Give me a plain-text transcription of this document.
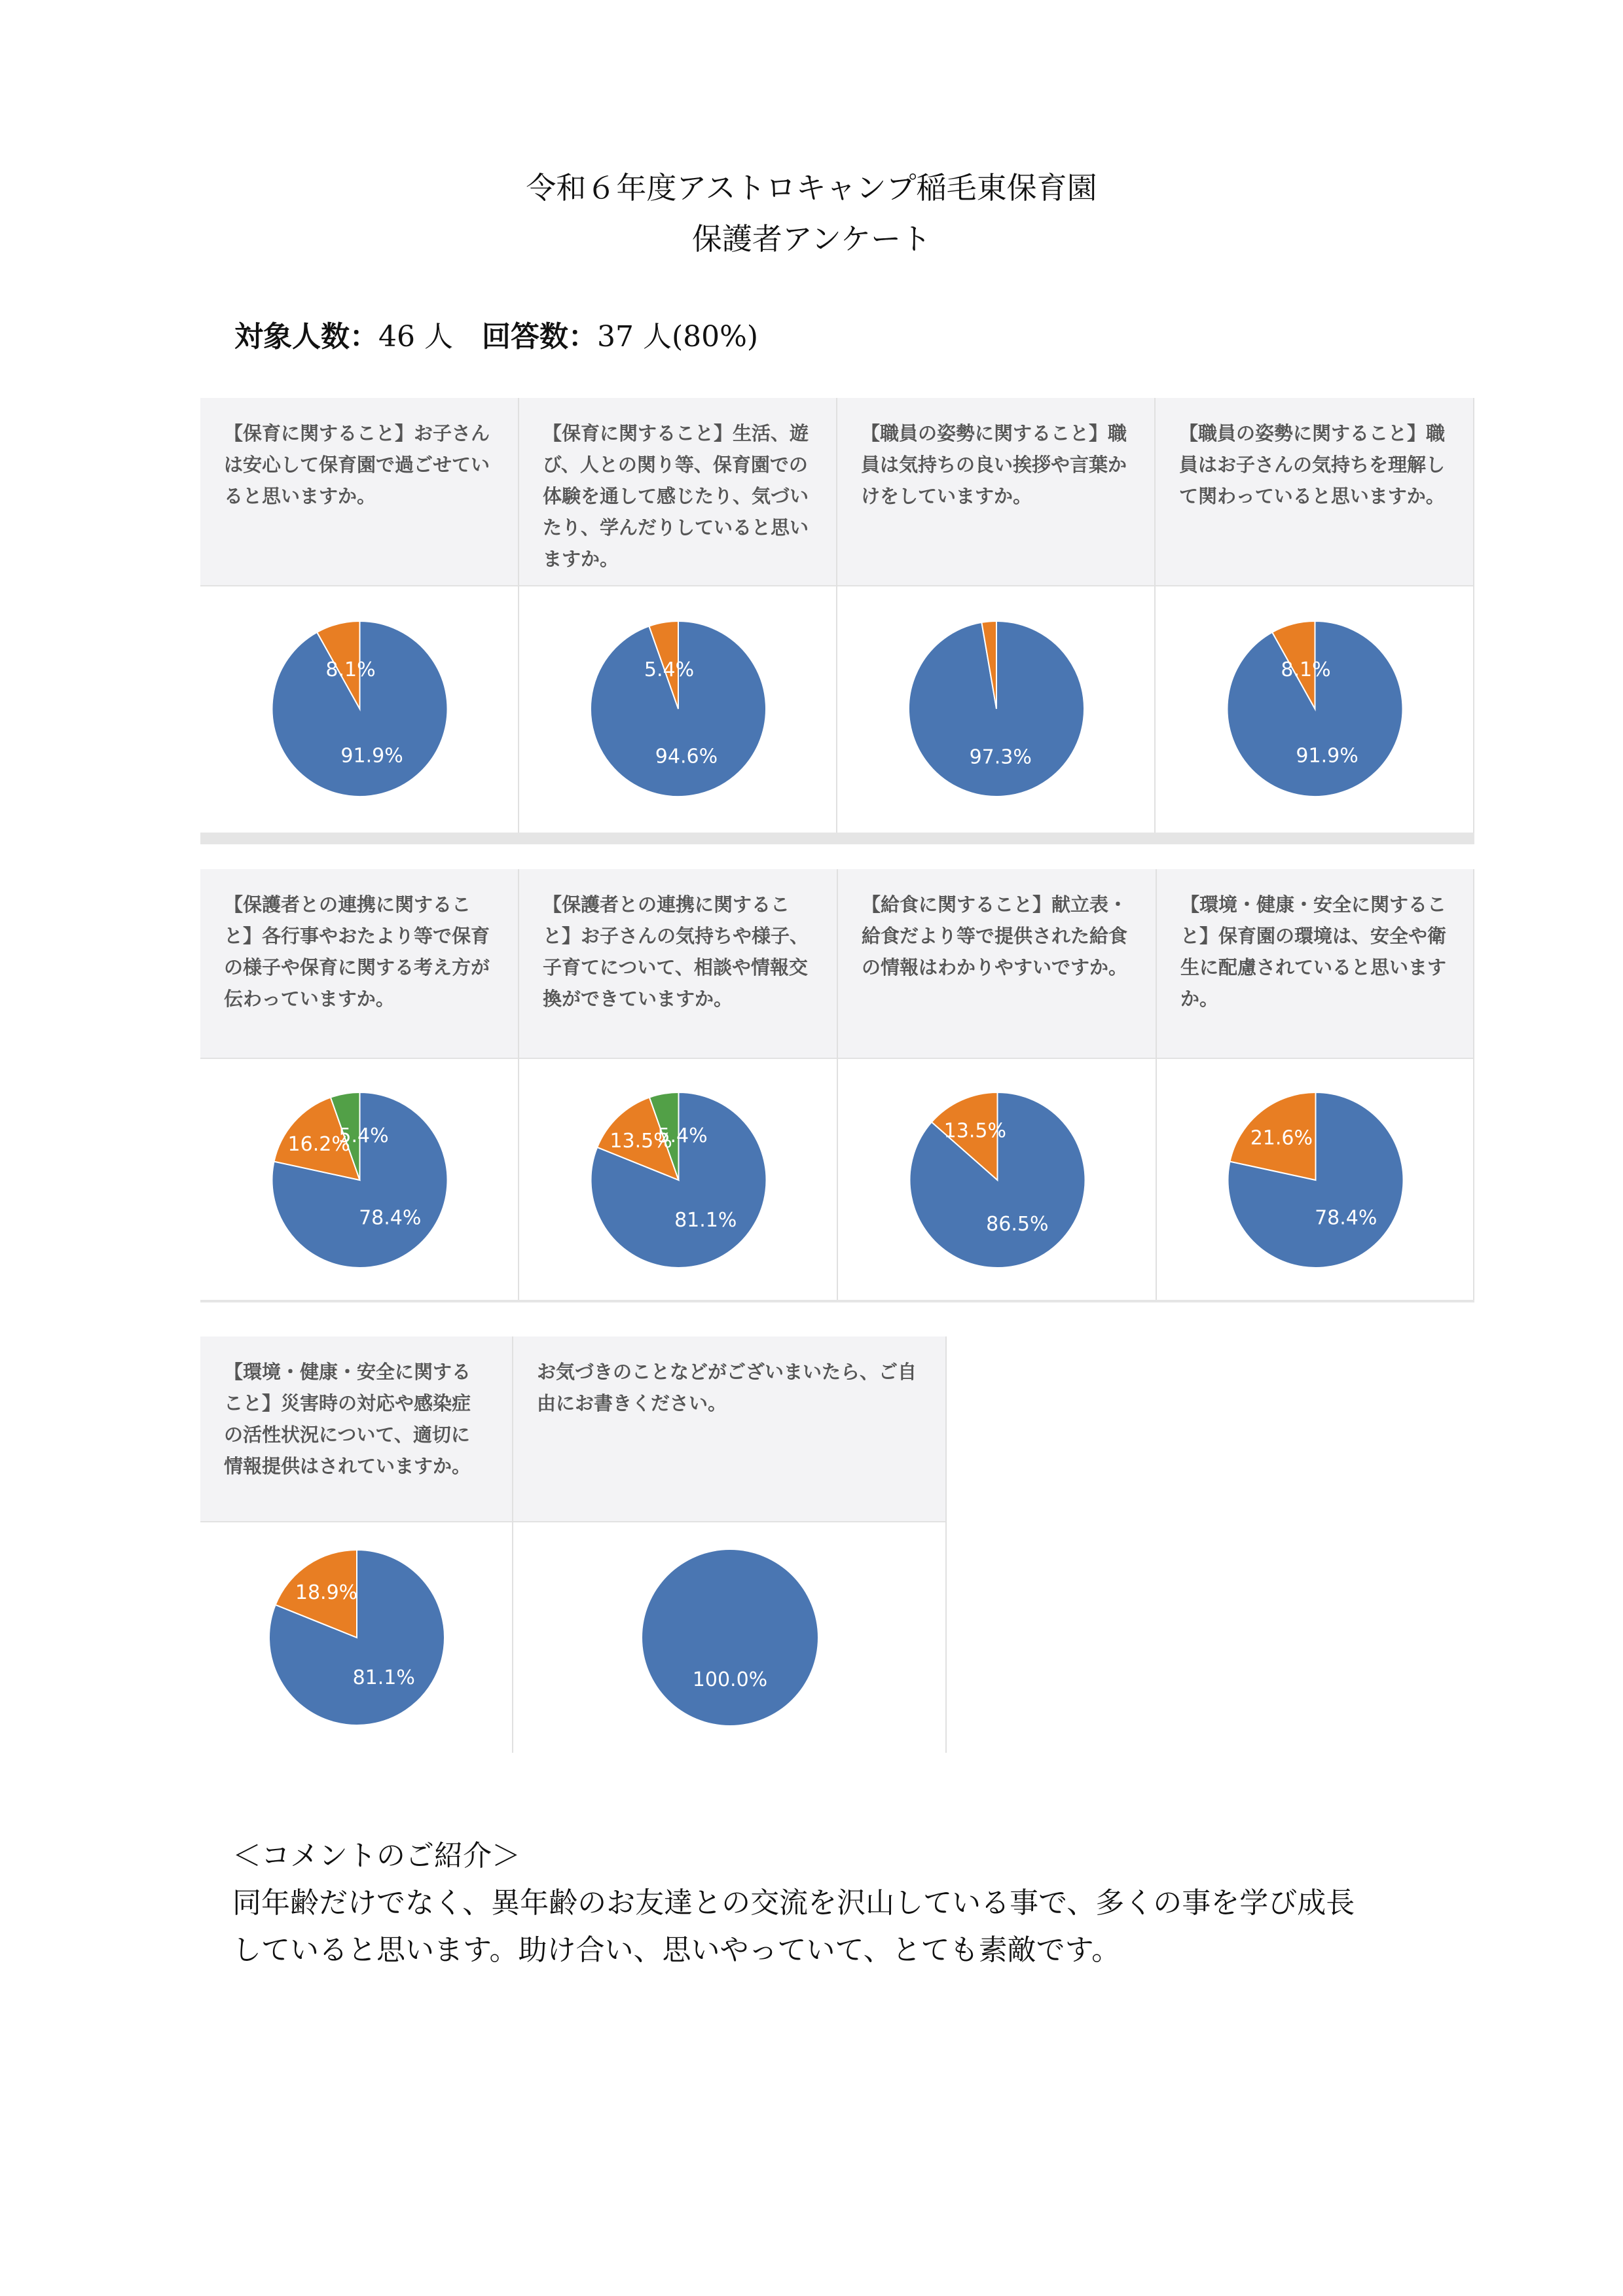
令和６年度アストロキャンプ稲毛東保育園
保護者アンケート
対象人数：46 人　 回答数：37 人(80%)
【保育に関すること】お子さんは安心して保育園で過ごせていると思いますか。
91.9%
8.1%
【保育に関すること】生活、遊び、人との関り等、保育園での体験を通して感じたり、気づいたり、学んだりしていると思いますか。
94.6%
5.4%
【職員の姿勢に関すること】職員は気持ちの良い挨拶や言葉かけをしていますか。
97.3%
【職員の姿勢に関すること】職員はお子さんの気持ちを理解して関わっていると思いますか。
91.9%
8.1%
【保護者との連携に関すること】各行事やおたより等で保育の様子や保育に関する考え方が伝わっていますか。
78.4%
16.2%
5.4%
【保護者との連携に関すること】お子さんの気持ちや様子、子育てについて、相談や情報交換ができていますか。
81.1%
13.5%
5.4%
【給食に関すること】献立表・給食だより等で提供された給食の情報はわかりやすいですか。
86.5%
13.5%
【環境・健康・安全に関すること】保育園の環境は、安全や衛生に配慮されていると思いますか。
78.4%
21.6%
【環境・健康・安全に関すること】災害時の対応や感染症の活性状況について、適切に情報提供はされていますか。
81.1%
18.9%
お気づきのことなどがございまいたら、ご自由にお書きください。
100.0%
＜コメントのご紹介＞
同年齢だけでなく、異年齢のお友達との交流を沢山している事で、多くの事を学び成長
していると思います。助け合い、思いやっていて、とても素敵です。
